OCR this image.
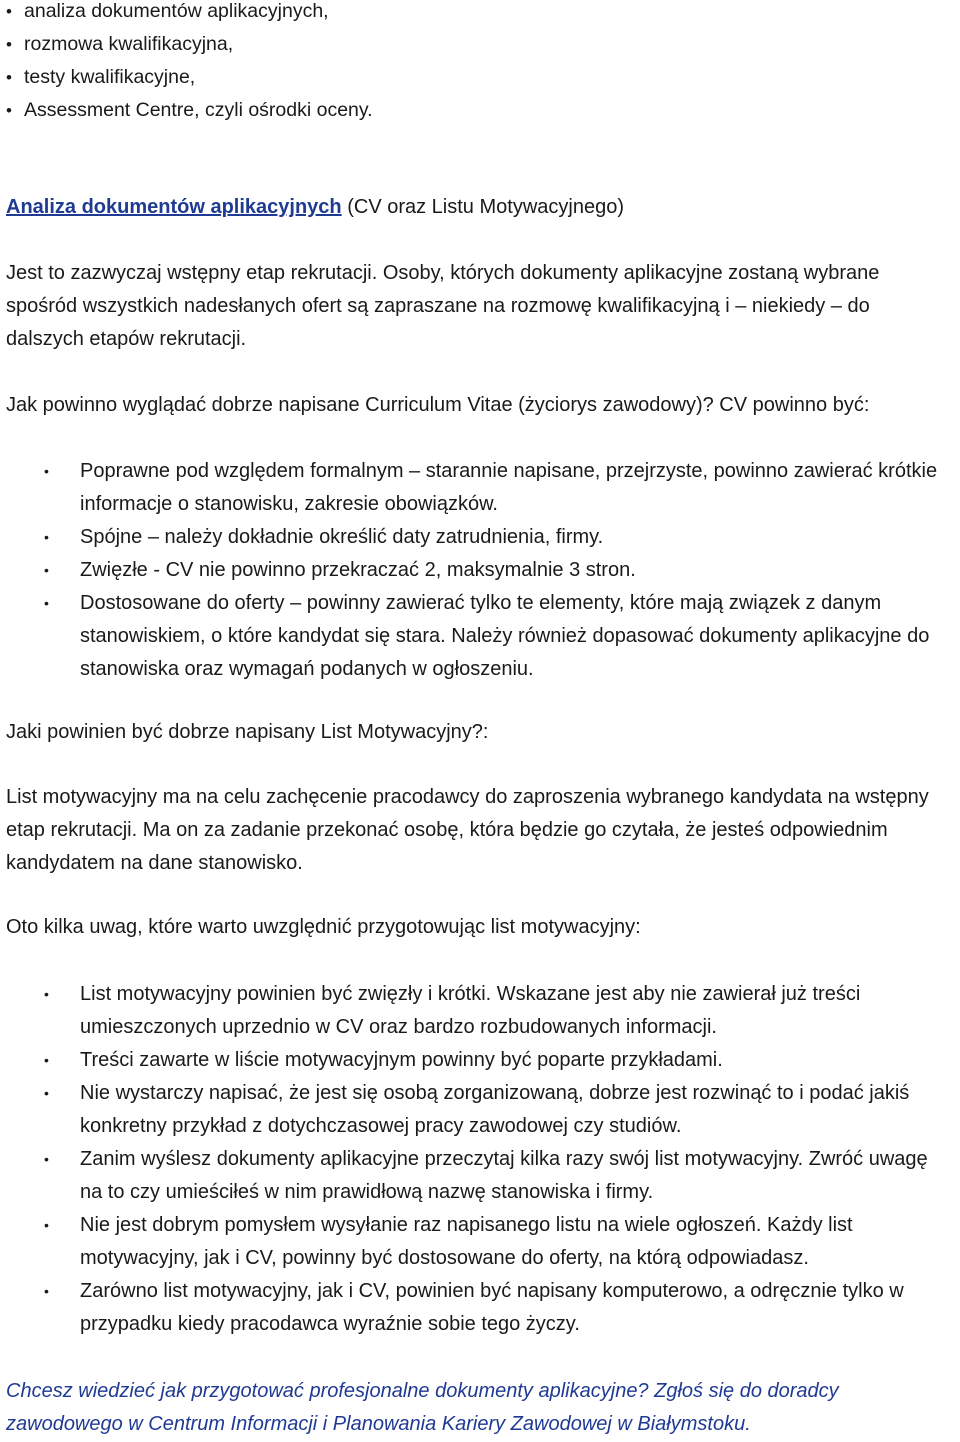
• analiza dokumentów aplikacyjnych,
• rozmowa kwalifikacyjna,
• testy kwalifikacyjne,
• Assessment Centre, czyli ośrodki oceny.

Analiza dokumentów aplikacyjnych (CV oraz Listu Motywacyjnego)

Jest to zazwyczaj wstępny etap rekrutacji. Osoby, których dokumenty aplikacyjne zostaną wybrane spośród wszystkich nadesłanych ofert są zapraszane na rozmowę kwalifikacyjną i – niekiedy – do dalszych etapów rekrutacji.

Jak powinno wyglądać dobrze napisane Curriculum Vitae (życiorys zawodowy)? CV powinno być:

•	Poprawne pod względem formalnym – starannie napisane, przejrzyste, powinno zawierać krótkie informacje o stanowisku, zakresie obowiązków.
•	Spójne – należy dokładnie określić daty zatrudnienia, firmy.
•	Zwięzłe - CV nie powinno przekraczać 2, maksymalnie 3 stron.
•	Dostosowane do oferty – powinny zawierać tylko te elementy, które mają związek z danym stanowiskiem, o które kandydat się stara. Należy również dopasować dokumenty aplikacyjne do stanowiska oraz wymagań podanych w ogłoszeniu.

Jaki powinien być dobrze napisany List Motywacyjny?:

List motywacyjny ma na celu zachęcenie pracodawcy do zaproszenia wybranego kandydata na wstępny etap rekrutacji. Ma on za zadanie przekonać osobę, która będzie go czytała, że jesteś odpowiednim kandydatem na dane stanowisko.

Oto kilka uwag, które warto uwzględnić przygotowując list motywacyjny:

•	List motywacyjny powinien być zwięzły i krótki. Wskazane jest aby nie zawierał już treści umieszczonych uprzednio w CV oraz bardzo rozbudowanych informacji.
•	Treści zawarte w liście motywacyjnym powinny być poparte przykładami.
•	Nie wystarczy napisać, że jest się osobą zorganizowaną, dobrze jest rozwinąć to i podać jakiś konkretny przykład z dotychczasowej pracy zawodowej czy studiów.
•	Zanim wyślesz dokumenty aplikacyjne przeczytaj kilka razy swój list motywacyjny. Zwróć uwagę na to czy umieściłeś w nim prawidłową nazwę stanowiska i firmy.
•	Nie jest dobrym pomysłem wysyłanie raz napisanego listu na wiele ogłoszeń. Każdy list motywacyjny, jak i CV, powinny być dostosowane do oferty, na którą odpowiadasz.
•	Zarówno list motywacyjny, jak i CV, powinien być napisany komputerowo, a odręcznie tylko w przypadku kiedy pracodawca wyraźnie sobie tego życzy.

Chcesz wiedzieć jak przygotować profesjonalne dokumenty aplikacyjne? Zgłoś się do doradcy zawodowego w Centrum Informacji i Planowania Kariery Zawodowej w Białymstoku.
